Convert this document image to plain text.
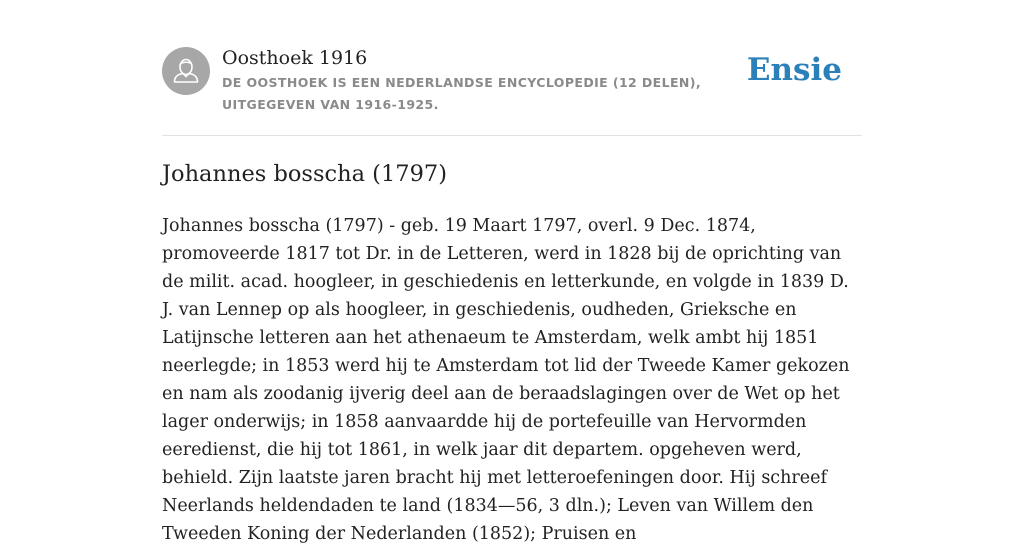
Oosthoek 1916
DE OOSTHOEK IS EEN NEDERLANDSE ENCYCLOPEDIE (12 DELEN), UITGEGEVEN VAN 1916-1925.
Ensie
Johannes bosscha (1797)

Johannes bosscha (1797) - geb. 19 Maart 1797, overl. 9 Dec. 1874, promoveerde 1817 tot Dr. in de Letteren, werd in 1828 bij de oprichting van de milit. acad. hoogleer, in geschiedenis en letterkunde, en volgde in 1839 D. J. van Lennep op als hoogleer, in geschiedenis, oudheden, Grieksche en Latijnsche letteren aan het athenaeum te Amsterdam, welk ambt hij 1851 neerlegde; in 1853 werd hij te Amsterdam tot lid der Tweede Kamer gekozen en nam als zoodanig ijverig deel aan de beraadslagingen over de Wet op het lager onderwijs; in 1858 aanvaardde hij de portefeuille van Hervormden eeredienst, die hij tot 1861, in welk jaar dit departem. opgeheven werd, behield. Zijn laatste jaren bracht hij met letteroefeningen door. Hij schreef Neerlands heldendaden te land (1834—56, 3 dln.); Leven van Willem den Tweeden Koning der Nederlanden (1852); Pruisen en
